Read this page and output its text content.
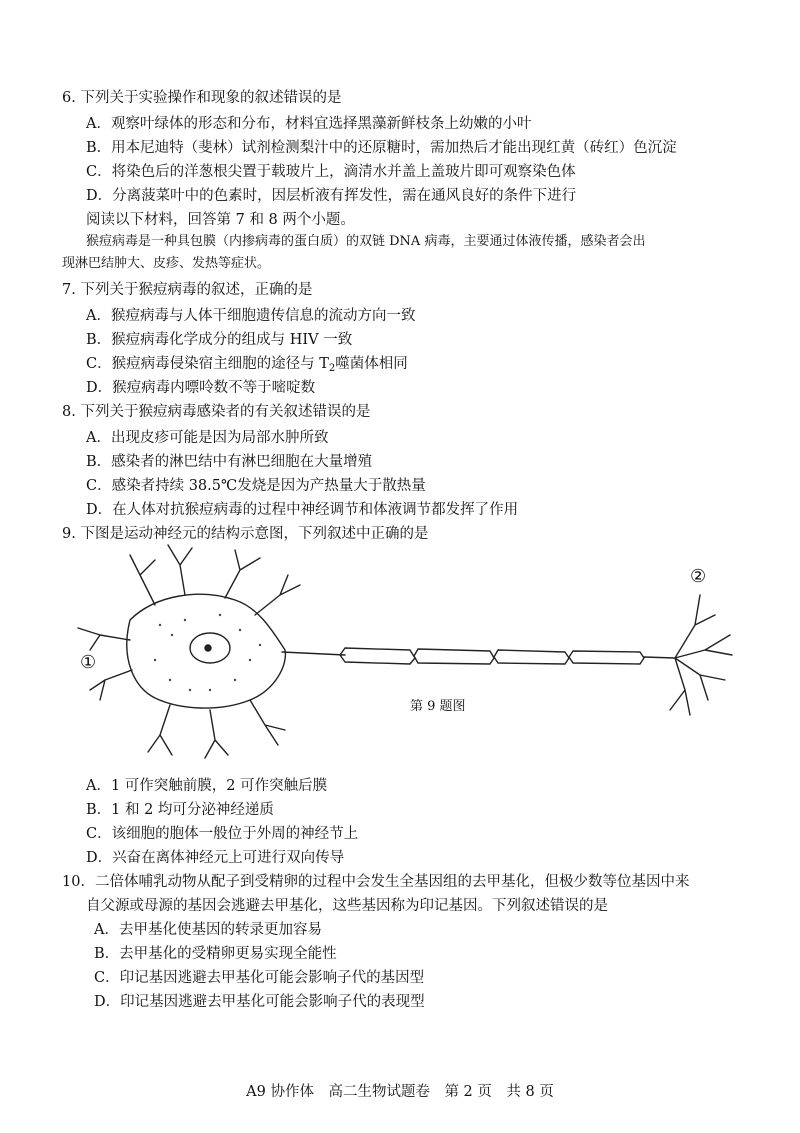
6. 下列关于实验操作和现象的叙述错误的是
A．观察叶绿体的形态和分布，材料宜选择黑藻新鲜枝条上幼嫩的小叶
B．用本尼迪特（斐林）试剂检测梨汁中的还原糖时，需加热后才能出现红黄（砖红）色沉淀
C．将染色后的洋葱根尖置于载玻片上，滴清水并盖上盖玻片即可观察染色体
D．分离菠菜叶中的色素时，因层析液有挥发性，需在通风良好的条件下进行
阅读以下材料，回答第 7 和 8 两个小题。
猴痘病毒是一种具包膜（内掺病毒的蛋白质）的双链 DNA 病毒，主要通过体液传播，感染者会出
现淋巴结肿大、皮疹、发热等症状。
7. 下列关于猴痘病毒的叙述，正确的是
A．猴痘病毒与人体干细胞遗传信息的流动方向一致
B．猴痘病毒化学成分的组成与 HIV 一致
C．猴痘病毒侵染宿主细胞的途径与 $T_2$噬菌体相同
D．猴痘病毒内嘌呤数不等于嘧啶数
8. 下列关于猴痘病毒感染者的有关叙述错误的是
A．出现皮疹可能是因为局部水肿所致
B．感染者的淋巴结中有淋巴细胞在大量增殖
C．感染者持续 38.5℃发烧是因为产热量大于散热量
D．在人体对抗猴痘病毒的过程中神经调节和体液调节都发挥了作用
9. 下图是运动神经元的结构示意图，下列叙述中正确的是
①
②
第 9 题图
A．1 可作突触前膜，2 可作突触后膜
B．1 和 2 均可分泌神经递质
C．该细胞的胞体一般位于外周的神经节上
D．兴奋在离体神经元上可进行双向传导
10．二倍体哺乳动物从配子到受精卵的过程中会发生全基因组的去甲基化，但极少数等位基因中来
自父源或母源的基因会逃避去甲基化，这些基因称为印记基因。下列叙述错误的是
A．去甲基化使基因的转录更加容易
B．去甲基化的受精卵更易实现全能性
C．印记基因逃避去甲基化可能会影响子代的基因型
D．印记基因逃避去甲基化可能会影响子代的表现型
A9 协作体　高二生物试题卷　第 2 页　共 8 页
